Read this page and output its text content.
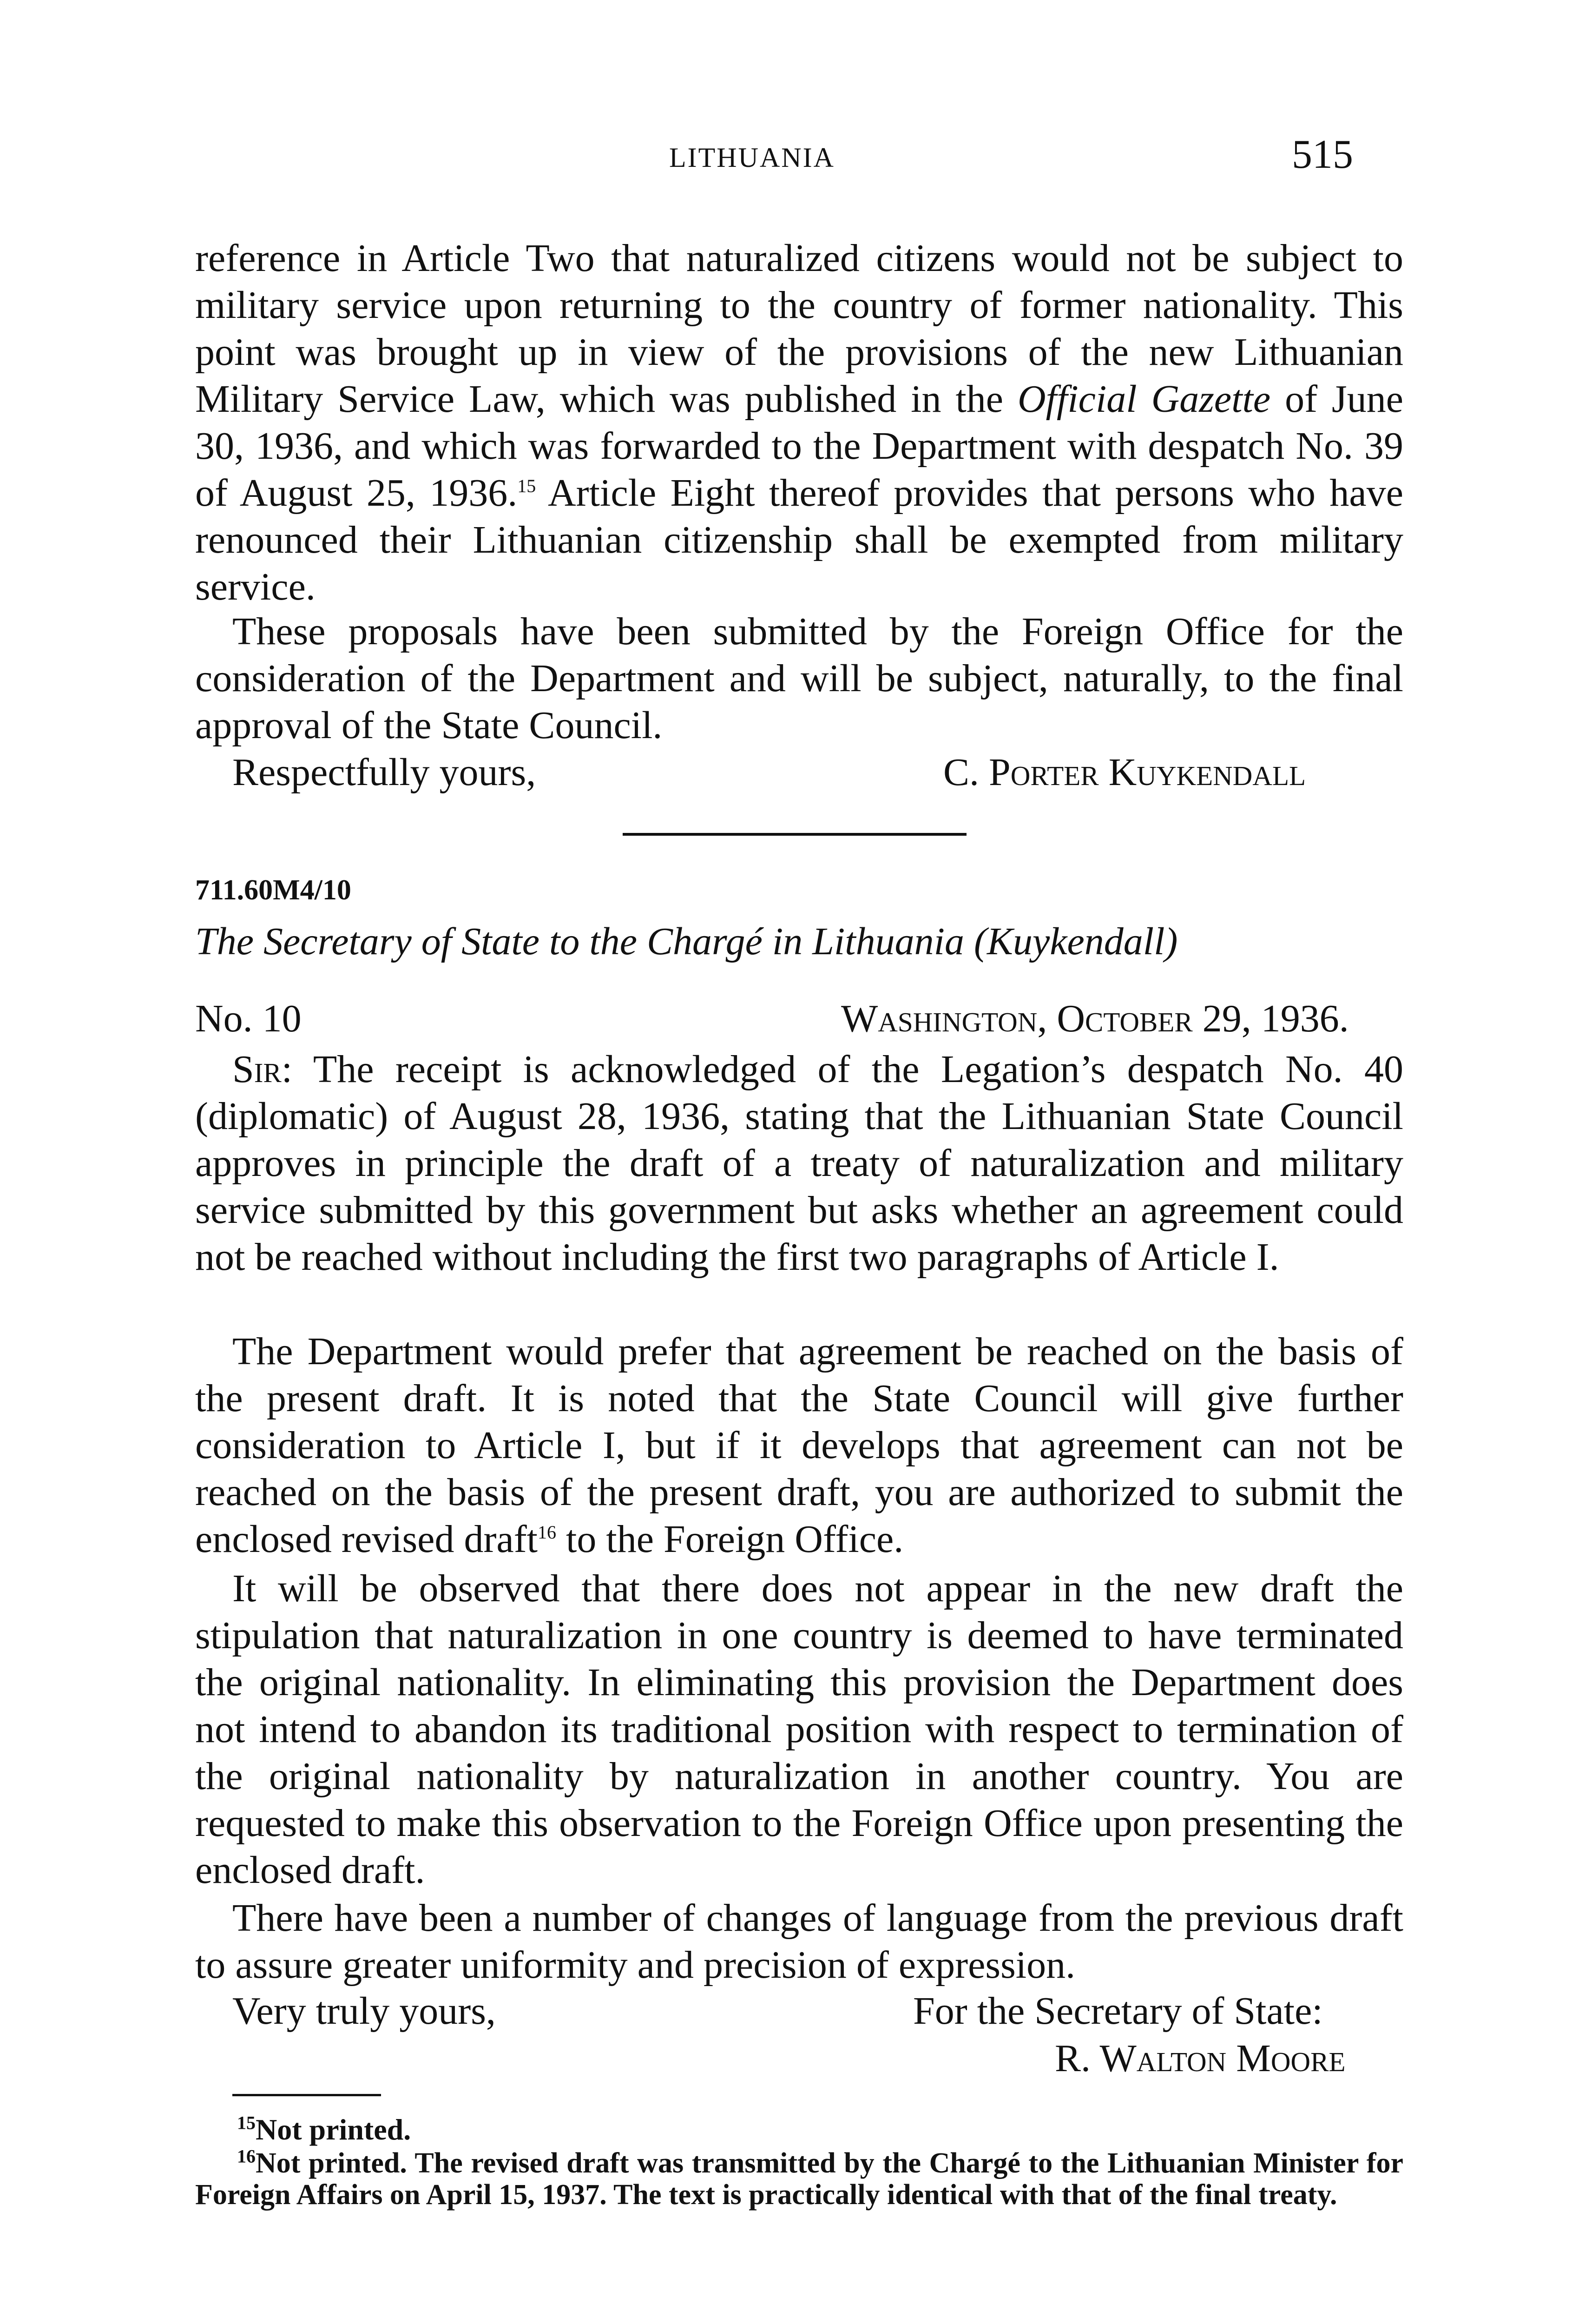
LITHUANIA	515
reference in Article Two that naturalized citizens would not be subject to military service upon returning to the country of former nationality. This point was brought up in view of the provisions of the new Lithuanian Military Service Law, which was published in the Official Gazette of June 30, 1936, and which was forwarded to the Department with despatch No. 39 of August 25, 1936.15 Article Eight thereof provides that persons who have renounced their Lithuanian citizenship shall be exempted from military service.
These proposals have been submitted by the Foreign Office for the consideration of the Department and will be subject, naturally, to the final approval of the State Council.
Respectfully yours,	C. Porter Kuykendall
711.60M4/10
The Secretary of State to the Chargé in Lithuania (Kuykendall)
No. 10	Washington, October 29, 1936.
Sir: The receipt is acknowledged of the Legation’s despatch No. 40 (diplomatic) of August 28, 1936, stating that the Lithuanian State Council approves in principle the draft of a treaty of naturalization and military service submitted by this government but asks whether an agreement could not be reached without including the first two paragraphs of Article I.
The Department would prefer that agreement be reached on the basis of the present draft. It is noted that the State Council will give further consideration to Article I, but if it develops that agreement can not be reached on the basis of the present draft, you are authorized to submit the enclosed revised draft$^{16}$ to the Foreign Office.
It will be observed that there does not appear in the new draft the stipulation that naturalization in one country is deemed to have terminated the original nationality. In eliminating this provision the Department does not intend to abandon its traditional position with respect to termination of the original nationality by naturalization in another country. You are requested to make this observation to the Foreign Office upon presenting the enclosed draft.
There have been a number of changes of language from the previous draft to assure greater uniformity and precision of expression.
Very truly yours,	For the Secretary of State:
R. Walton Moore
$^{15}$Not printed.
$^{16}$Not printed. The revised draft was transmitted by the Chargé to the Lithuanian Minister for Foreign Affairs on April 15, 1937. The text is practically identical with that of the final treaty.
